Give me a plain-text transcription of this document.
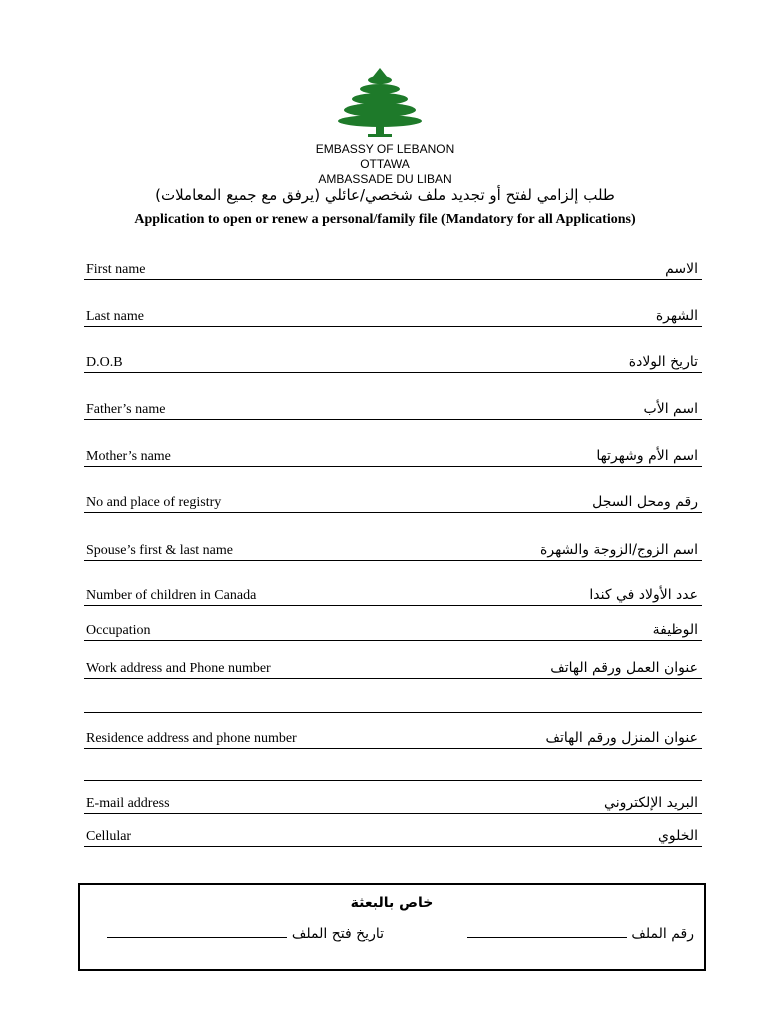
EMBASSY OF LEBANON
OTTAWA
AMBASSADE DU LIBAN
طلب إلزامي لفتح أو تجديد ملف شخصي/عائلي (يرفق مع جميع المعاملات)
Application to open or renew a personal/family file (Mandatory for all Applications)
First name	الاسم
Last name	الشهرة
D.O.B	تاريخ الولادة
Father’s name	اسم الأب
Mother’s name	اسم الأم وشهرتها
No and place of registry	رقم ومحل السجل
Spouse’s first & last name	اسم الزوج/الزوجة والشهرة
Number of children in Canada	عدد الأولاد في كندا
Occupation	الوظيفة
Work address and Phone number	عنوان العمل ورقم الهاتف
Residence address and phone number	عنوان المنزل ورقم الهاتف
E-mail address	البريد الإلكتروني
Cellular	الخلوي
خاص بالبعثة
رقم الملف
تاريخ فتح الملف
